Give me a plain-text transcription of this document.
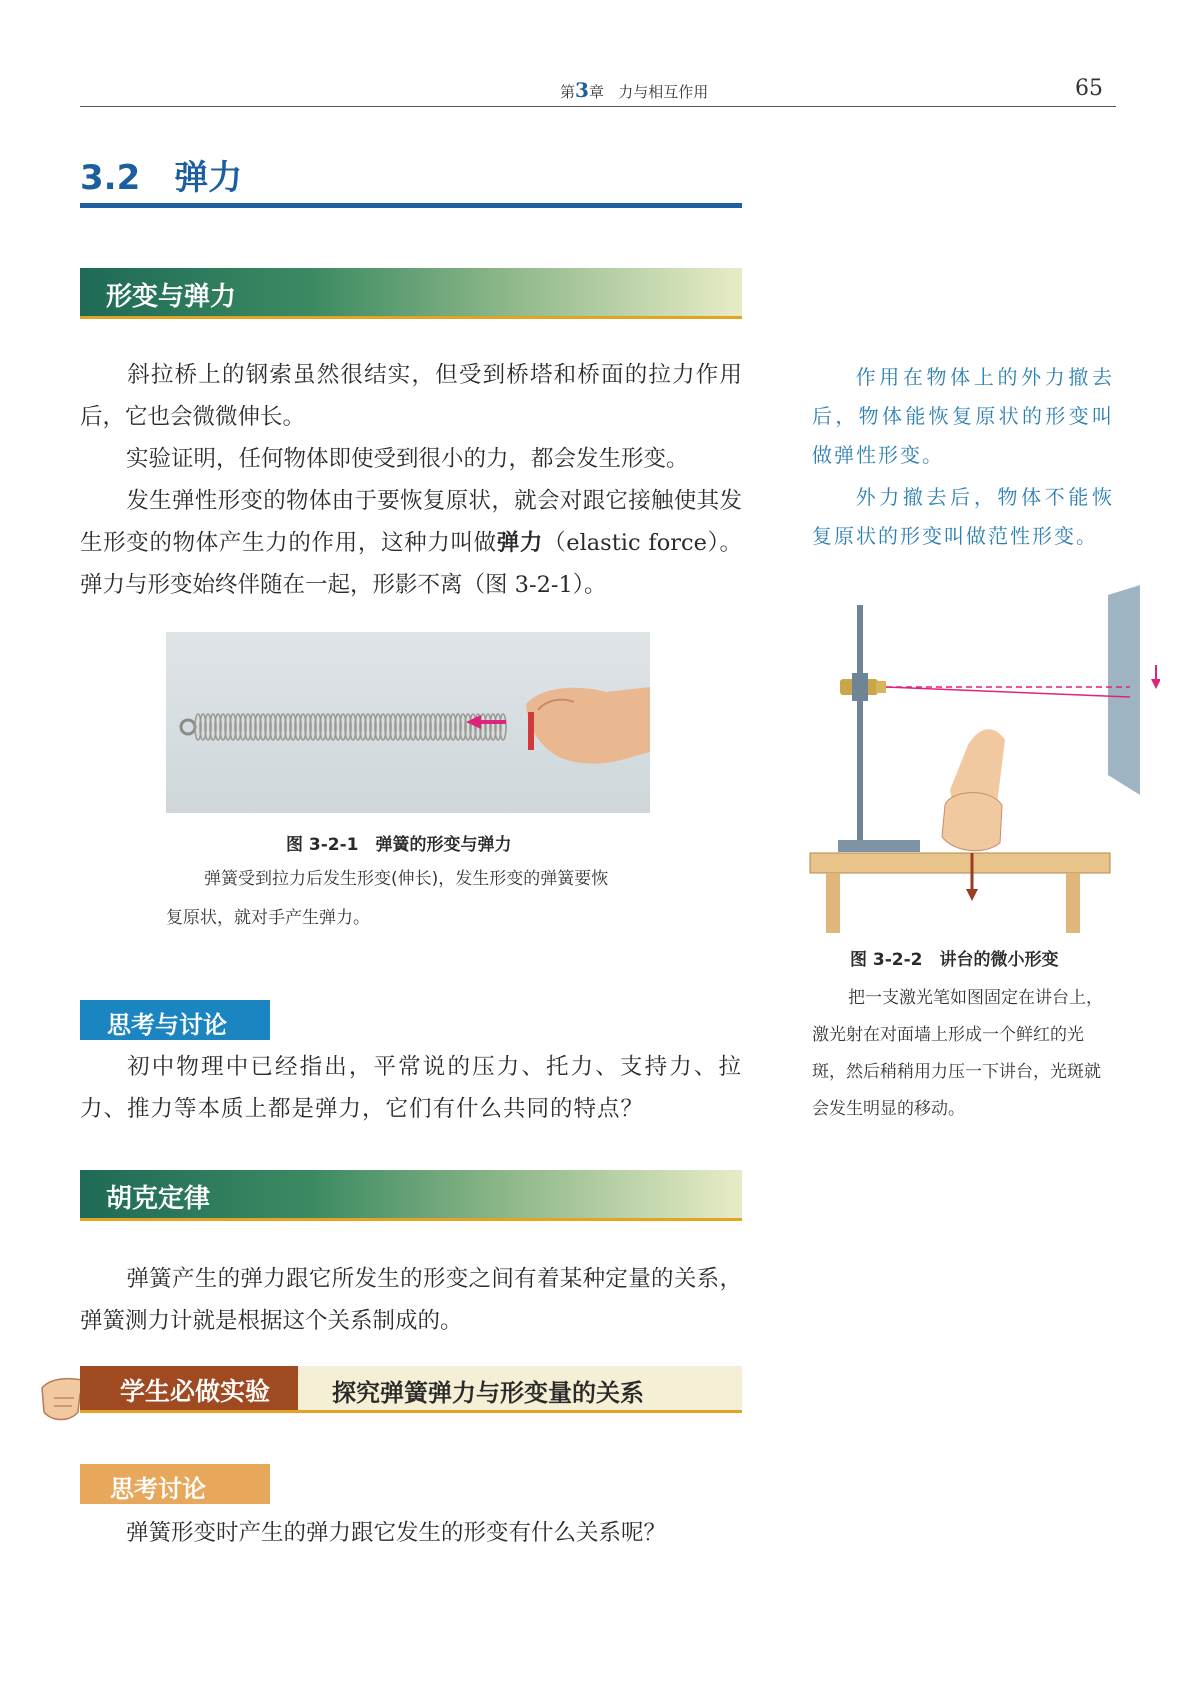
第3章 力与相互作用	65
3.2 弹力
形变与弹力
斜拉桥上的钢索虽然很结实，但受到桥塔和桥面的拉力作用后，它也会微微伸长。
实验证明，任何物体即使受到很小的力，都会发生形变。
发生弹性形变的物体由于要恢复原状，就会对跟它接触使其发生形变的物体产生力的作用，这种力叫做弹力（elastic force）。弹力与形变始终伴随在一起，形影不离（图 3-2-1）。
图 3-2-1　弹簧的形变与弹力
弹簧受到拉力后发生形变(伸长)，发生形变的弹簧要恢
复原状，就对手产生弹力。
作用在物体上的外力撤去后，物体能恢复原状的形变叫做弹性形变。
外力撤去后，物体不能恢复原状的形变叫做范性形变。
图 3-2-2　讲台的微小形变
把一支激光笔如图固定在讲台上，激光射在对面墙上形成一个鲜红的光斑，然后稍稍用力压一下讲台，光斑就会发生明显的移动。
思考与讨论
初中物理中已经指出，平常说的压力、托力、支持力、拉力、推力等本质上都是弹力，它们有什么共同的特点？
胡克定律
弹簧产生的弹力跟它所发生的形变之间有着某种定量的关系，弹簧测力计就是根据这个关系制成的。
学生必做实验	探究弹簧弹力与形变量的关系
思考讨论
弹簧形变时产生的弹力跟它发生的形变有什么关系呢？
